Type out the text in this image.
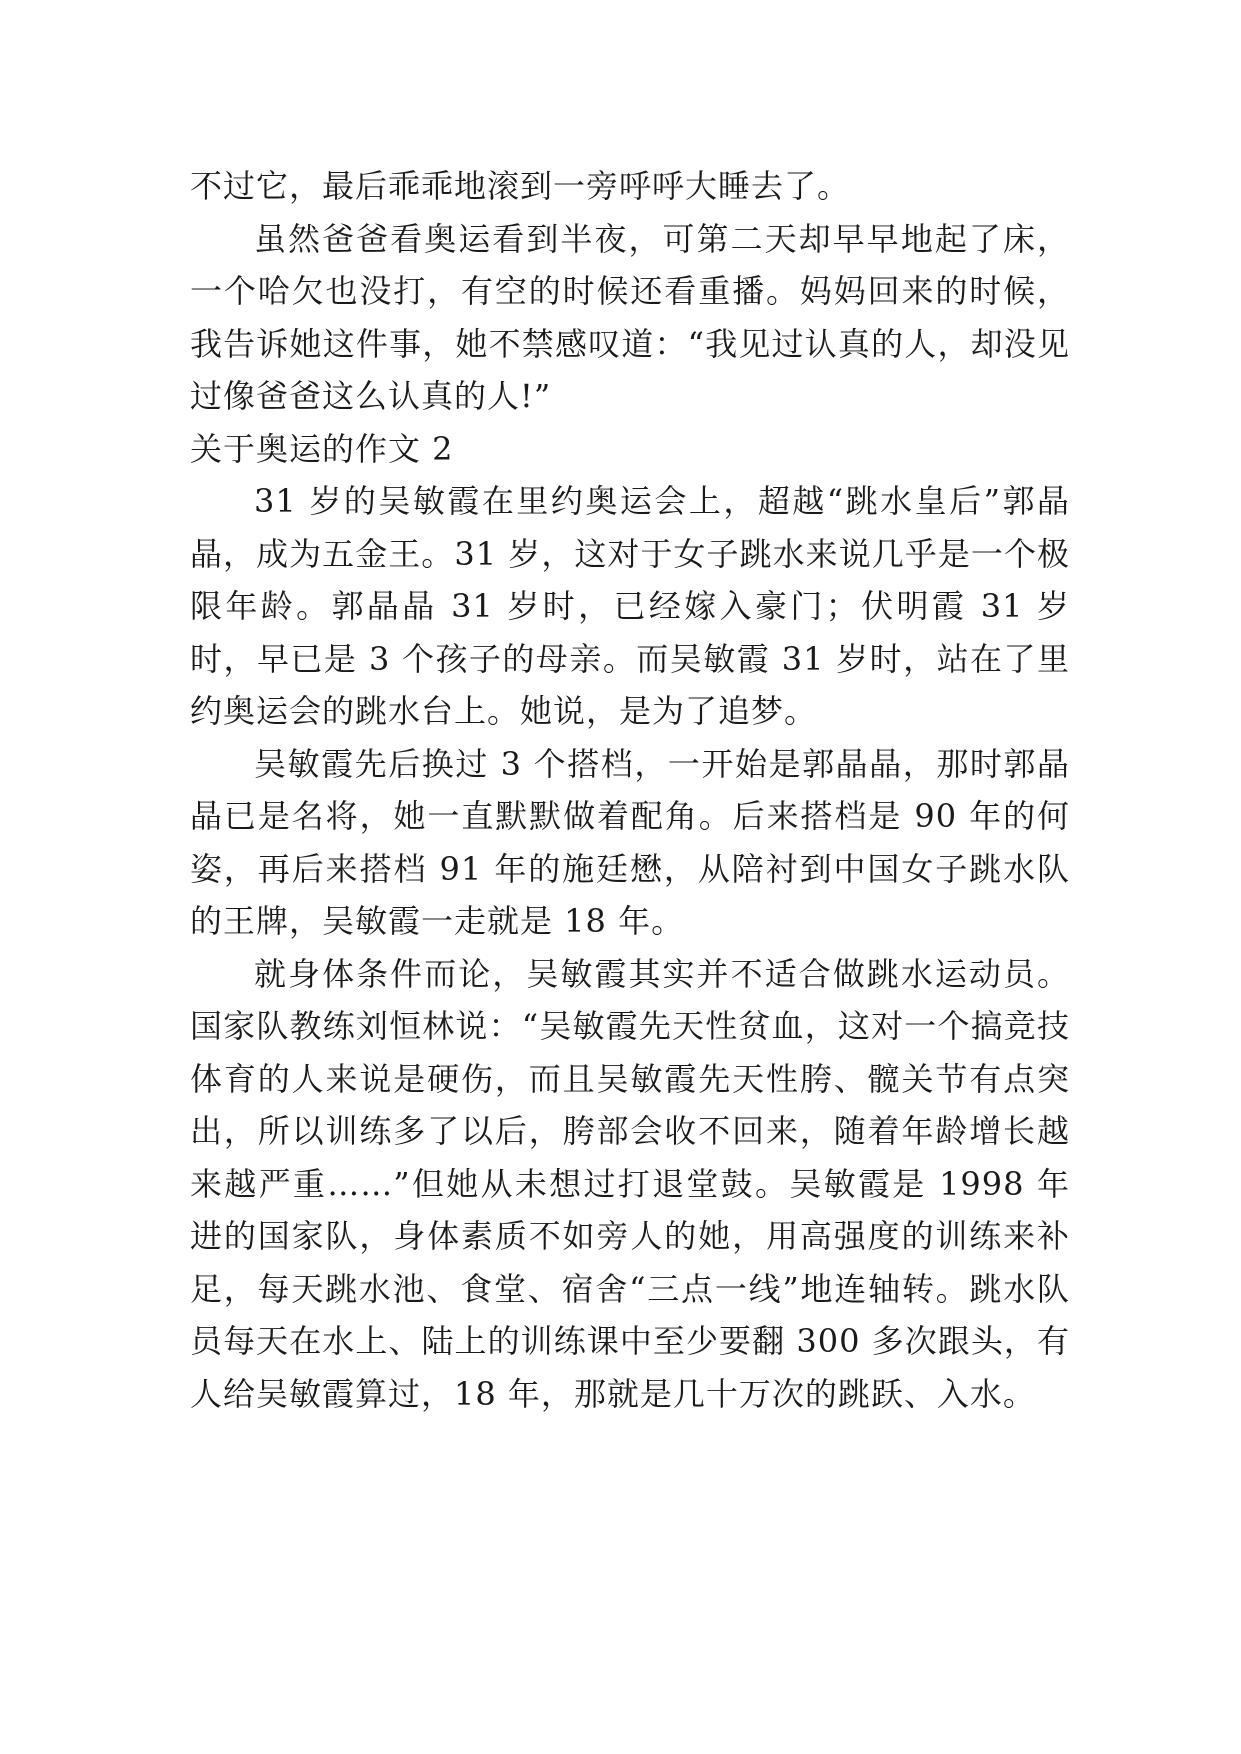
不过它，最后乖乖地滚到一旁呼呼大睡去了。

虽然爸爸看奥运看到半夜，可第二天却早早地起了床，一个哈欠也没打，有空的时候还看重播。妈妈回来的时候，我告诉她这件事，她不禁感叹道：“我见过认真的人，却没见过像爸爸这么认真的人!”

关于奥运的作文 2

31 岁的吴敏霞在里约奥运会上，超越“跳水皇后”郭晶晶，成为五金王。31 岁，这对于女子跳水来说几乎是一个极限年龄。郭晶晶 31 岁时，已经嫁入豪门；伏明霞 31 岁时，早已是 3 个孩子的母亲。而吴敏霞 31 岁时，站在了里约奥运会的跳水台上。她说，是为了追梦。

吴敏霞先后换过 3 个搭档，一开始是郭晶晶，那时郭晶晶已是名将，她一直默默做着配角。后来搭档是 90 年的何姿，再后来搭档 91 年的施廷懋，从陪衬到中国女子跳水队的王牌，吴敏霞一走就是 18 年。

就身体条件而论，吴敏霞其实并不适合做跳水运动员。国家队教练刘恒林说：“吴敏霞先天性贫血，这对一个搞竞技体育的人来说是硬伤，而且吴敏霞先天性胯、髋关节有点突出，所以训练多了以后，胯部会收不回来，随着年龄增长越来越严重……”但她从未想过打退堂鼓。吴敏霞是 1998 年进的国家队，身体素质不如旁人的她，用高强度的训练来补足，每天跳水池、食堂、宿舍“三点一线”地连轴转。跳水队员每天在水上、陆上的训练课中至少要翻 300 多次跟头，有人给吴敏霞算过，18 年，那就是几十万次的跳跃、入水。
